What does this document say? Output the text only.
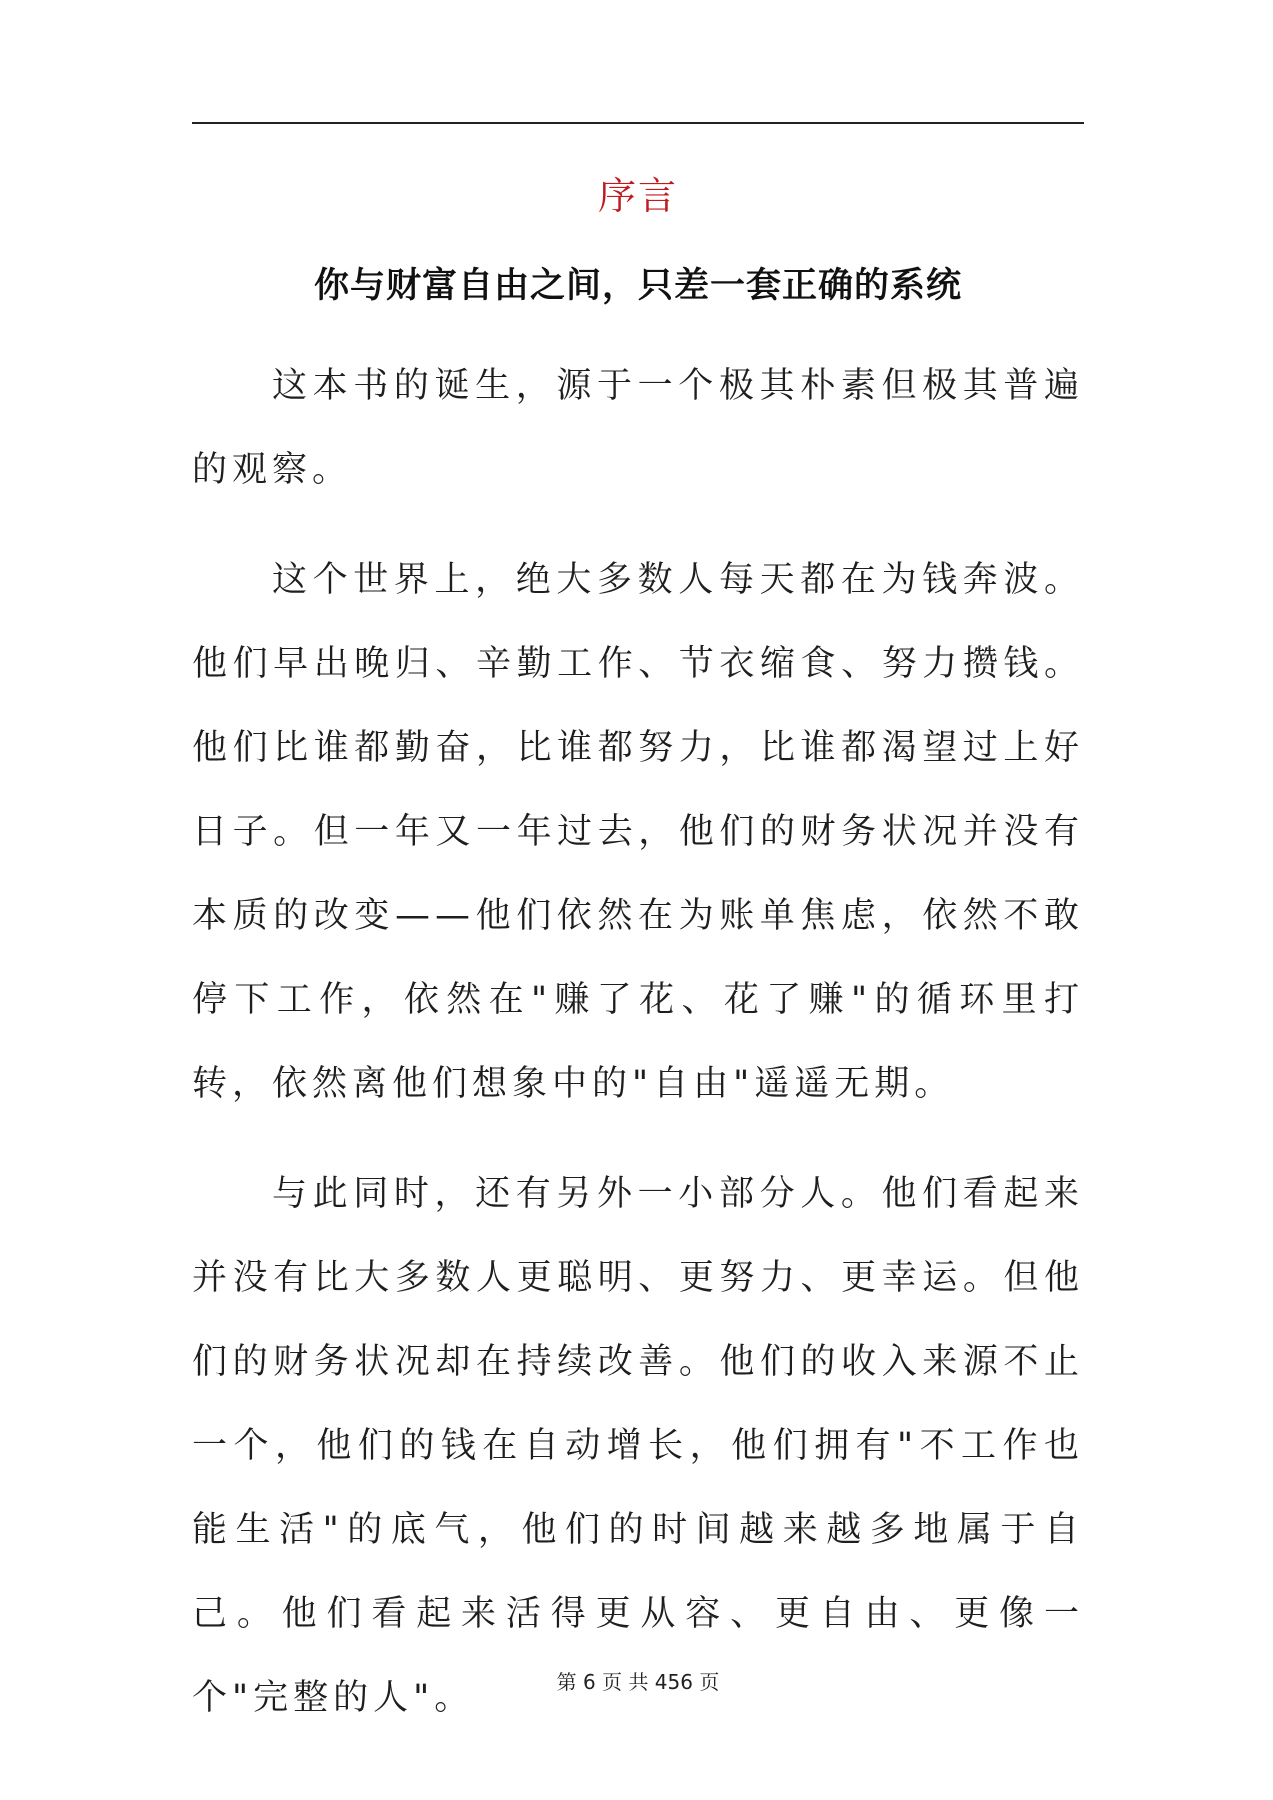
序言
你与财富自由之间，只差一套正确的系统

这本书的诞生，源于一个极其朴素但极其普遍的观察。

这个世界上，绝大多数人每天都在为钱奔波。他们早出晚归、辛勤工作、节衣缩食、努力攒钱。他们比谁都勤奋，比谁都努力，比谁都渴望过上好日子。但一年又一年过去，他们的财务状况并没有本质的改变——他们依然在为账单焦虑，依然不敢停下工作，依然在"赚了花、花了赚"的循环里打转，依然离他们想象中的"自由"遥遥无期。

与此同时，还有另外一小部分人。他们看起来并没有比大多数人更聪明、更努力、更幸运。但他们的财务状况却在持续改善。他们的收入来源不止一个，他们的钱在自动增长，他们拥有"不工作也能生活"的底气，他们的时间越来越多地属于自己。他们看起来活得更从容、更自由、更像一个"完整的人"。	第 6 页 共 456 页
